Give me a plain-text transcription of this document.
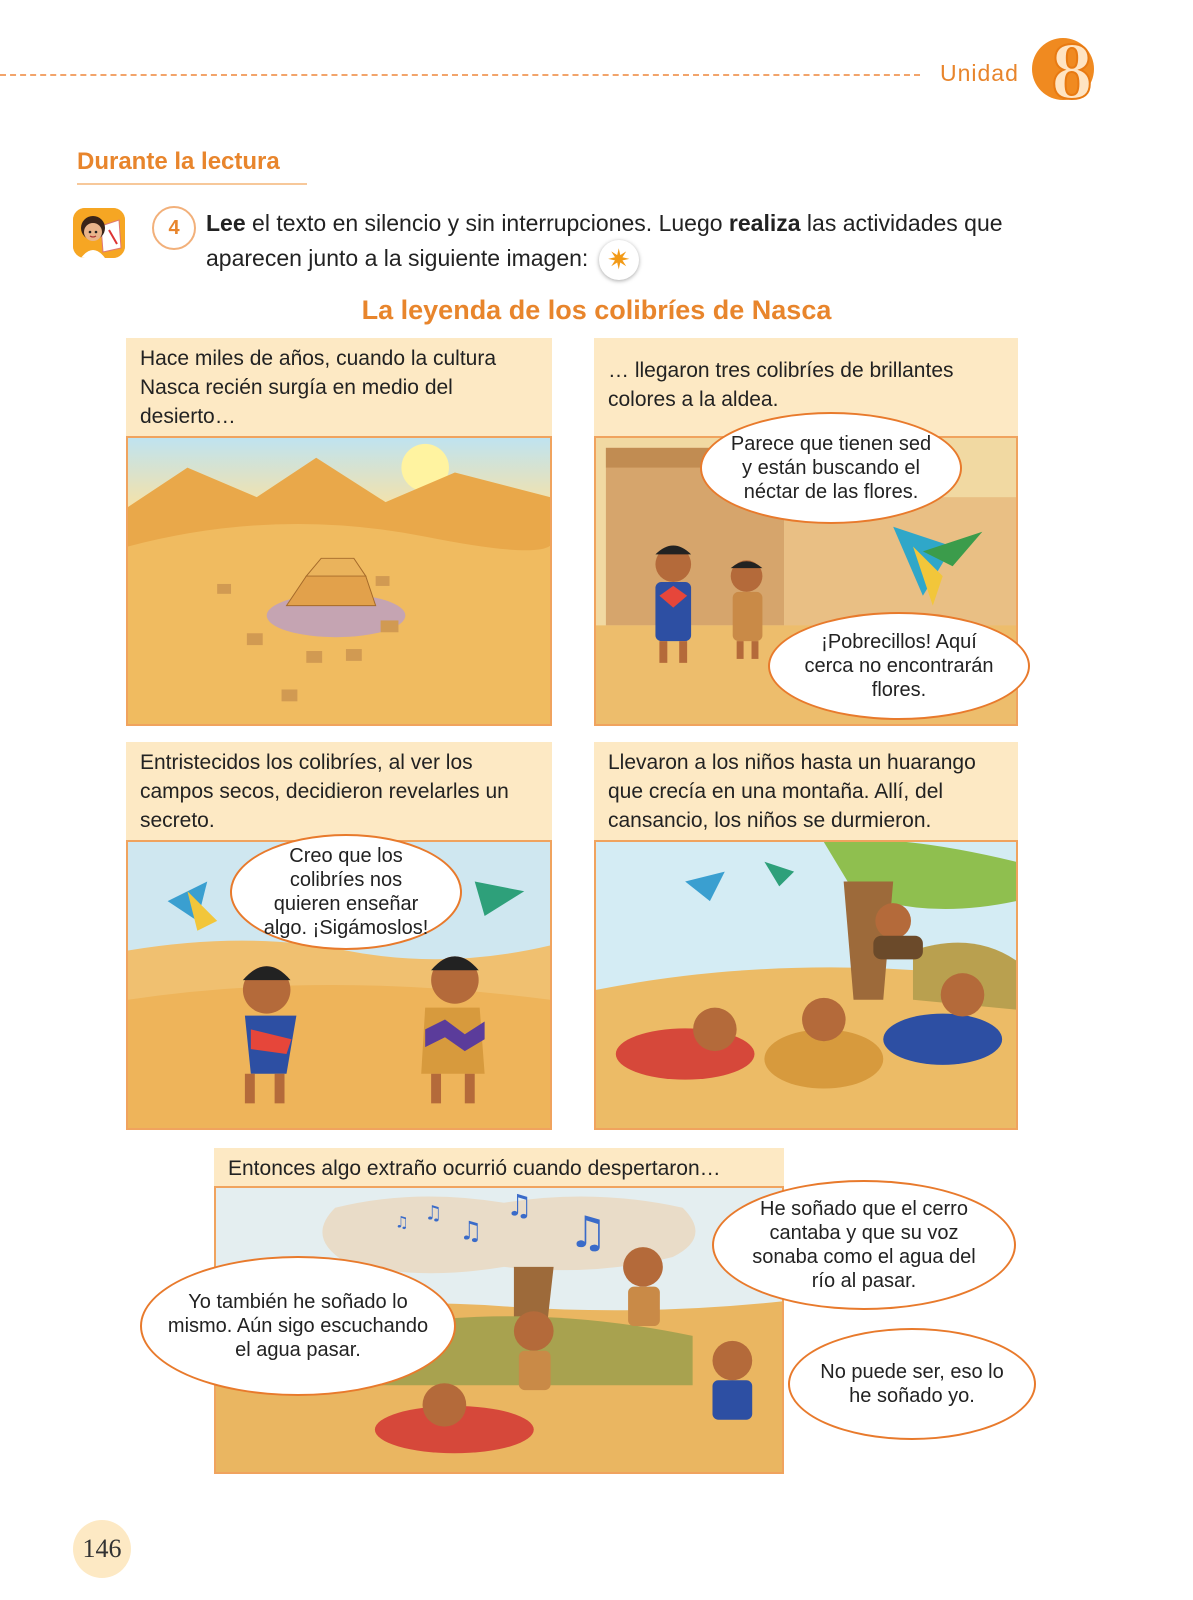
Unidad 8
Durante la lectura
4	Lee el texto en silencio y sin interrupciones. Luego realiza las actividades que aparecen junto a la siguiente imagen: ✷
La leyenda de los colibríes de Nasca
Hace miles de años, cuando la cultura Nasca recién surgía en medio del desierto…
… llegaron tres colibríes de brillantes colores a la aldea.
Parece que tienen sed y están buscando el néctar de las flores.
¡Pobrecillos! Aquí cerca no encontrarán flores.
Entristecidos los colibríes, al ver los campos secos, decidieron revelarles un secreto.
Creo que los colibríes nos quieren enseñar algo. ¡Sigámoslos!
Llevaron a los niños hasta un huarango que crecía en una montaña. Allí, del cansancio, los niños se durmieron.
Entonces algo extraño ocurrió cuando despertaron…
♫ ♫
♫
♫
♫	He soñado que el cerro cantaba y que su voz sonaba como el agua del río al pasar.
Yo también he soñado lo mismo. Aún sigo escuchando el agua pasar.
No puede ser, eso lo he soñado yo.
146
